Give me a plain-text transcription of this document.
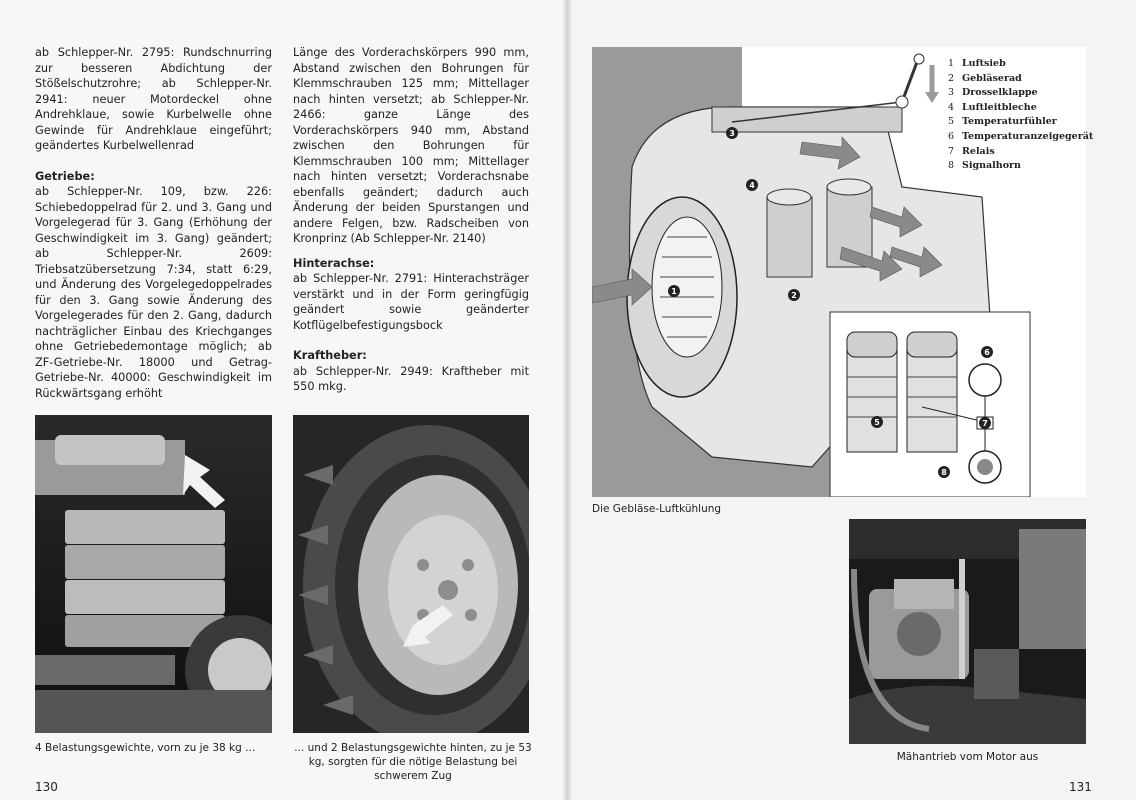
ab Schlepper-Nr. 2795: Rundschnurring zur besseren Abdichtung der Stößelschutzrohre; ab Schlepper-Nr. 2941: neuer Motordeckel ohne Andrehklaue, sowie Kurbelwelle ohne Gewinde für Andrehklaue eingeführt; geändertes Kurbelwellenrad

Getriebe:
ab Schlepper-Nr. 109, bzw. 226: Schiebedoppelrad für 2. und 3. Gang und Vorgelegerad für 3. Gang (Erhöhung der Geschwindigkeit im 3. Gang) geändert; ab Schlepper-Nr. 2609: Triebsatzübersetzung 7:34, statt 6:29, und Änderung des Vorgelegedoppelrades für den 3. Gang sowie Änderung des Vorgelegerades für den 2. Gang, dadurch nachträglicher Einbau des Kriechganges ohne Getriebedemontage möglich; ab ZF-Getriebe-Nr. 18000 und Getrag-Getriebe-Nr. 40000: Geschwindigkeit im Rückwärtsgang erhöht

Länge des Vorderachskörpers 990 mm, Abstand zwischen den Bohrungen für Klemmschrauben 125 mm; Mittellager nach hinten versetzt; ab Schlepper-Nr. 2466: ganze Länge des Vorderachskörpers 940 mm, Abstand zwischen den Bohrungen für Klemmschrauben 100 mm; Mittellager nach hinten versetzt; Vorderachsnabe ebenfalls geändert; dadurch auch Änderung der beiden Spurstangen und andere Felgen, bzw. Radscheiben von Kronprinz (Ab Schlepper-Nr. 2140)

Hinterachse:
ab Schlepper-Nr. 2791: Hinterachsträger verstärkt und in der Form geringfügig geändert sowie geänderter Kotflügelbefestigungsbock

Kraftheber:
ab Schlepper-Nr. 2949: Kraftheber mit 550 mkg.

4 Belastungsgewichte, vorn zu je 38 kg ...	... und 2 Belastungsgewichte hinten, zu je 53 kg, sorgten für die nötige Belastung bei schwerem Zug
130
1	2
3
4
5
6
7
8
1 Luftsieb
2 Gebläserad
3 Drosselklappe
4 Luftleitbleche
5 Temperaturfühler
6 Temperaturanzeigegerät
7 Relais
8 Signalhorn
Die Gebläse-Luftkühlung
Mähantrieb vom Motor aus
131
